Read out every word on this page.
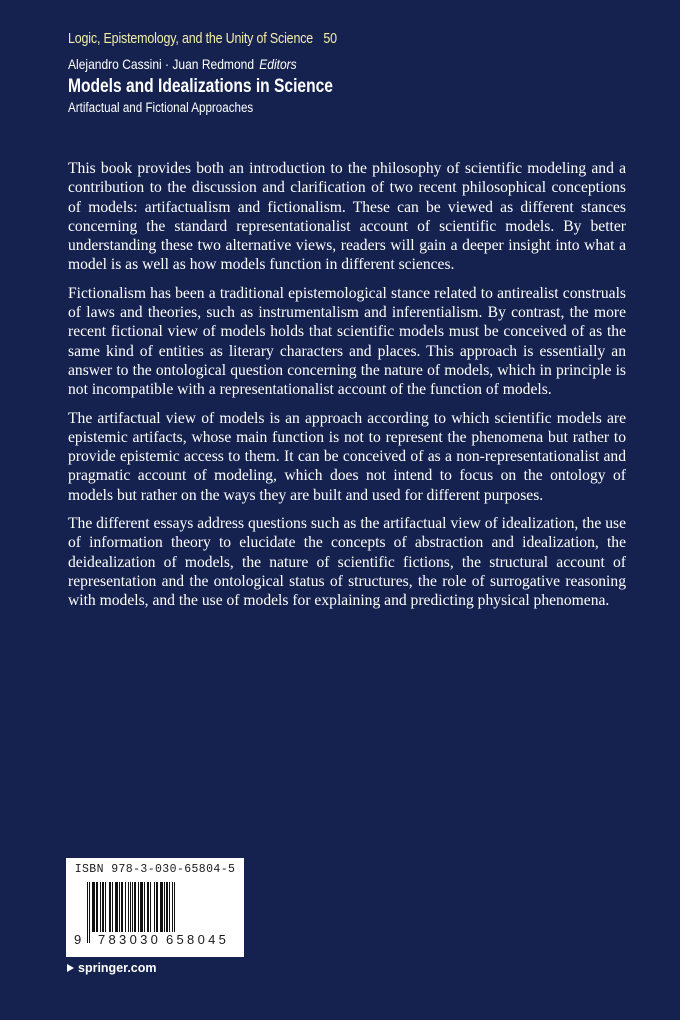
Logic, Epistemology, and the Unity of Science 50
Alejandro Cassini · Juan Redmond Editors
Models and Idealizations in Science
Artifactual and Fictional Approaches

This book provides both an introduction to the philosophy of scientific modeling and a contribution to the discussion and clarification of two recent philosophical conceptions of models: artifactualism and fictionalism. These can be viewed as different stances concerning the standard representationalist account of scientific models. By better understanding these two alternative views, readers will gain a deeper insight into what a model is as well as how models function in different sciences.

Fictionalism has been a traditional epistemological stance related to antirealist construals of laws and theories, such as instrumentalism and inferentialism. By contrast, the more recent fictional view of models holds that scientific models must be conceived of as the same kind of entities as literary characters and places. This approach is essentially an answer to the ontological question concerning the nature of models, which in principle is not incompatible with a representationalist account of the function of models.

The artifactual view of models is an approach according to which scientific models are epistemic artifacts, whose main function is not to represent the phenomena but rather to provide epistemic access to them. It can be conceived of as a non-representationalist and pragmatic account of modeling, which does not intend to focus on the ontology of models but rather on the ways they are built and used for different purposes.

The different essays address questions such as the artifactual view of idealization, the use of information theory to elucidate the concepts of abstraction and idealization, the deidealization of models, the nature of scientific fictions, the structural account of representation and the ontological status of structures, the role of surrogative reasoning with models, and the use of models for explaining and predicting physical phenomena.

ISBN 978-3-030-65804-5
9 783030 658045
springer.com
